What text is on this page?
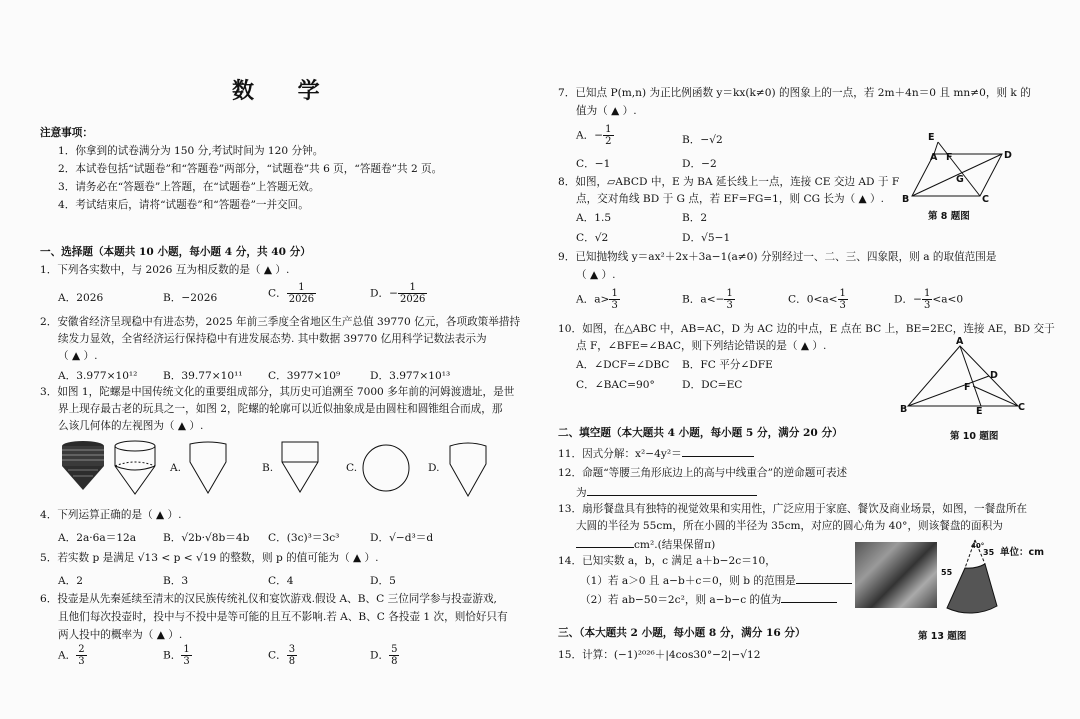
数 学
注意事项：
1．你拿到的试卷满分为 150 分,考试时间为 120 分钟。
2．本试卷包括“试题卷”和“答题卷”两部分，“试题卷”共 6 页，“答题卷”共 2 页。
3．请务必在“答题卷”上答题，在“试题卷”上答题无效。
4．考试结束后，请将“试题卷”和“答题卷”一并交回。
一、选择题（本题共 10 小题，每小题 4 分，共 40 分）
1．下列各实数中，与 2026 互为相反数的是（ ▲ ）.
A．2026	B．−2026	C． $\frac{1}{2026}$	D．− $\frac{1}{2026}$
2．安徽省经济呈现稳中有进态势，2025 年前三季度全省地区生产总值 39770 亿元，各项政策举措持
续发力显效，全省经济运行保持稳中有进发展态势. 其中数据 39770 亿用科学记数法表示为
（ ▲ ）.
A．3.977×10¹² B．39.77×10¹¹ C．3977×10⁹	D．3.977×10¹³
3．如图 1，陀螺是中国传统文化的重要组成部分，其历史可追溯至 7000 多年前的河姆渡遗址，是世
界上现存最古老的玩具之一，如图 2，陀螺的轮廓可以近似抽象成是由圆柱和圆锥组合而成，那
么该几何体的左视图为（ ▲ ）.
A.	B.	C.	D.
4．下列运算正确的是（ ▲ ）.
A．2a·6a＝12a	B．√2b·√8b＝4b C．(3c)³＝3c³	D．√−d³＝d
5．若实数 p 是满足 √13 < p < √19 的整数，则 p 的值可能为（ ▲ ）.
A．2	B．3	C．4	D．5
6．投壶是从先秦延续至清末的汉民族传统礼仪和宴饮游戏.假设 A、B、C 三位同学参与投壶游戏,
且他们每次投壶时，投中与不投中是等可能的且互不影响.若 A、B、C 各投壶 1 次，则恰好只有
两人投中的概率为（ ▲ ）.
A． $\frac{2}{3}$	B． $\frac{1}{3}$	C． $\frac{3}{8}$	D． $\frac{5}{8}$
7．已知点 P(m,n) 为正比例函数 y＝kx(k≠0) 的图象上的一点，若 2m＋4n＝0 且 mn≠0，则 k 的
值为（ ▲ ）.
A．− $\frac{1}{2}$	B．−√2
C．−1	D．−2
E
A F	D
G
B	C
第 8 题图
8．如图，▱ABCD 中，E 为 BA 延长线上一点，连接 CE 交边 AD 于 F
点，交对角线 BD 于 G 点，若 EF=FG=1，则 CG 长为（ ▲ ）.
A．1.5	B．2
C．√2	D．√5−1
9．已知抛物线 y＝ax²＋2x＋3a−1(a≠0) 分别经过一、二、三、四象限，则 a 的取值范围是
（ ▲ ）.
A．$a> \frac{1}{3}$	B．$a<- \frac{1}{3}$	C．$0<a< \frac{1}{3}$	D．− $\frac{1}{3} <a<0$
10．如图，在△ABC 中，AB=AC，D 为 AC 边的中点，E 点在 BC 上，BE=2EC，连接 AE，BD 交于
点 F，∠BFE=∠BAC，则下列结论错误的是（ ▲ ）.
A．∠DCF=∠DBC B．FC 平分∠DFE
C．∠BAC=90°	D．DC=EC
A
D
F
B	E	C
第 10 题图
二、填空题（本大题共 4 小题，每小题 5 分，满分 20 分）
11．因式分解：x²−4y²＝
12．命题“等腰三角形底边上的高与中线重合”的逆命题可表述
为
13．扇形餐盘具有独特的视觉效果和实用性，广泛应用于家庭、餐饮及商业场景，如图，一餐盘所在
大圆的半径为 55cm，所在小圆的半径为 35cm，对应的圆心角为 40°，则该餐盘的面积为
cm².(结果保留π)	40°
35
55
单位：cm
第 13 题图
14．已知实数 a，b，c 满足 a＋b−2c＝10，
（1）若 a＞0 且 a−b＋c＝0，则 b 的范围是
（2）若 ab−50＝2c²，则 a−b−c 的值为
三、（本大题共 2 小题，每小题 8 分，满分 16 分）
15．计算：(−1)²⁰²⁶＋|4cos30°−2|−√12
